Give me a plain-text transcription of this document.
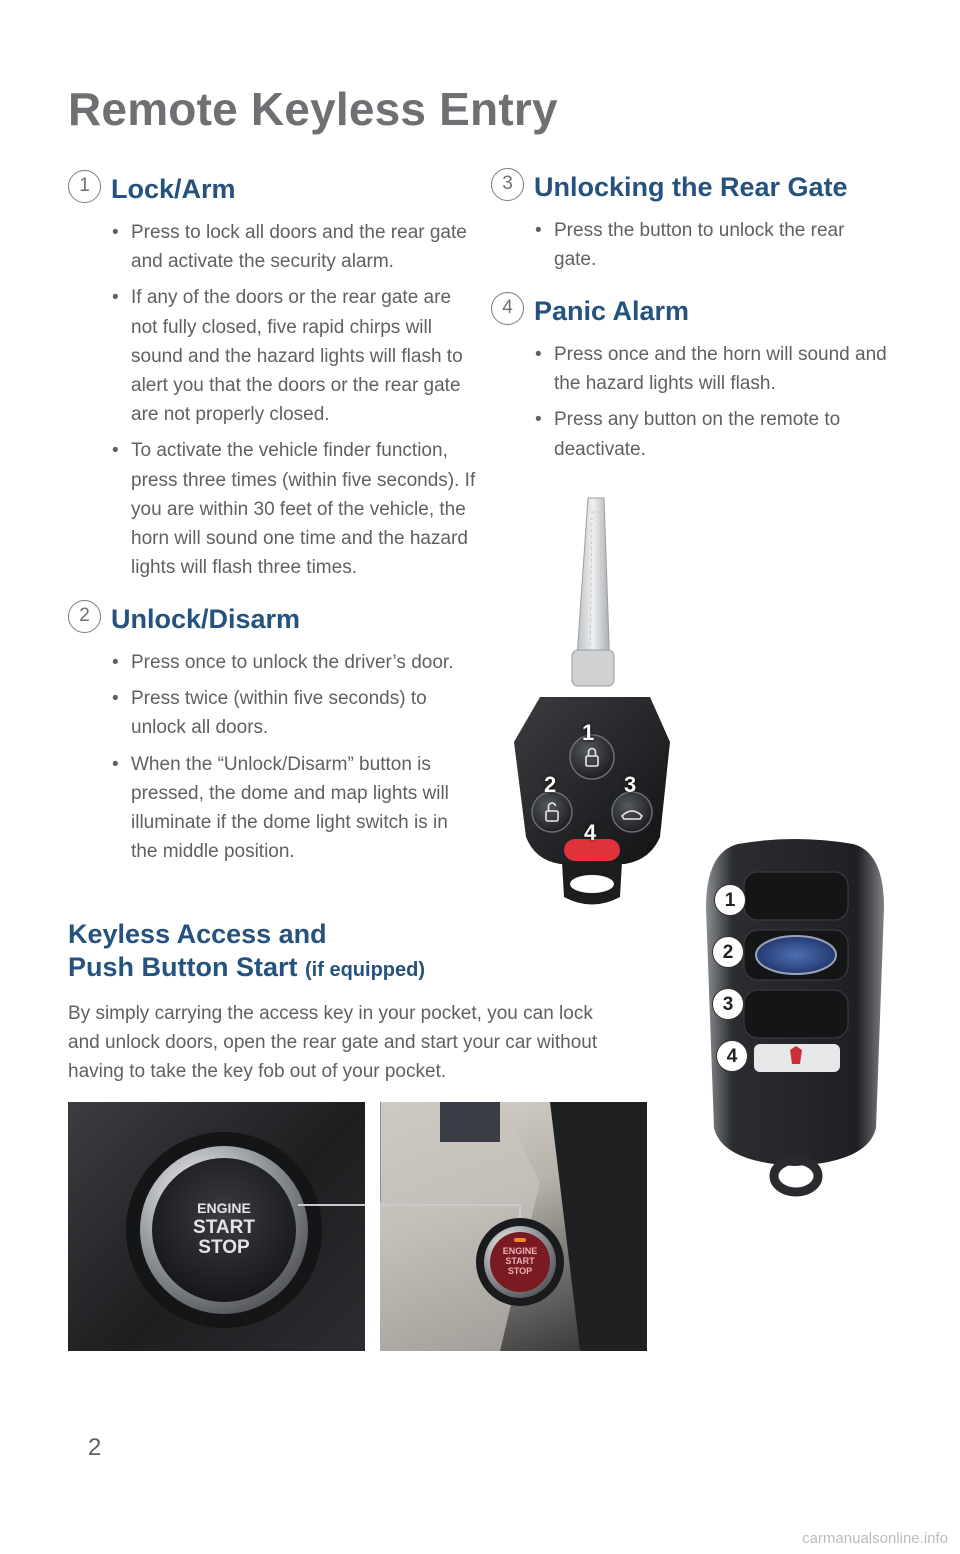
Remote Keyless Entry
1 Lock/Arm
• Press to lock all doors and the rear gate and activate the security alarm.
• If any of the doors or the rear gate are not fully closed, five rapid chirps will sound and the hazard lights will flash to alert you that the doors or the rear gate are not properly closed.
• To activate the vehicle finder function, press three times (within five seconds). If you are within 30 feet of the vehicle, the horn will sound one time and the hazard lights will flash three times.
2 Unlock/Disarm
• Press once to unlock the driver’s door.
• Press twice (within five seconds) to unlock all doors.
• When the “Unlock/Disarm” button is pressed, the dome and map lights will illuminate if the dome light switch is in the middle position.
3 Unlocking the Rear Gate
• Press the button to unlock the rear gate.
4 Panic Alarm
• Press once and the horn will sound and the hazard lights will flash.
• Press any button on the remote to deactivate.
Keyless Access and
Push Button Start (if equipped)
By simply carrying the access key in your pocket, you can lock and unlock doors, open the rear gate and start your car without having to take the key fob out of your pocket.
1
2	3
4
1
2
3
4
ENGINE
START
STOP	ENGINE
START
STOP
2
carmanualsonline.info
